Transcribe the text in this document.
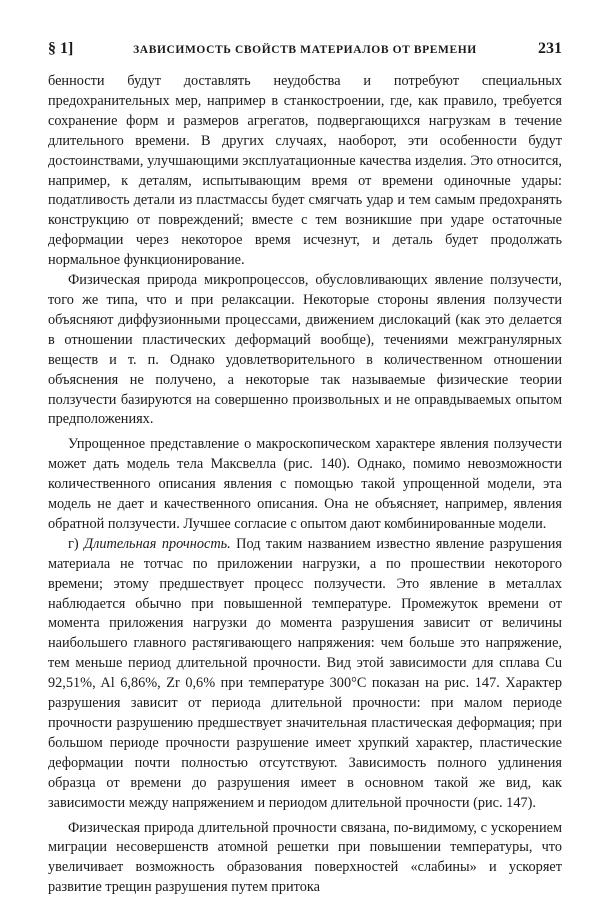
§ 1]	ЗАВИСИМОСТЬ СВОЙСТВ МАТЕРИАЛОВ ОТ ВРЕМЕНИ	231

бенности будут доставлять неудобства и потребуют специальных предохранительных мер, например в станкостроении, где, как правило, требуется сохранение форм и размеров агрегатов, подвергающихся нагрузкам в течение длительного времени. В других случаях, наоборот, эти особенности будут достоинствами, улучшающими эксплуатационные качества изделия. Это относится, например, к деталям, испытывающим время от времени одиночные удары: податливость детали из пластмассы будет смягчать удар и тем самым предохранять конструкцию от повреждений; вместе с тем возникшие при ударе остаточные деформации через некоторое время исчезнут, и деталь будет продолжать нормальное функционирование.

Физическая природа микропроцессов, обусловливающих явление ползучести, того же типа, что и при релаксации. Некоторые стороны явления ползучести объясняют диффузионными процессами, движением дислокаций (как это делается в отношении пластических деформаций вообще), течениями межгранулярных веществ и т. п. Однако удовлетворительного в количественном отношении объяснения не получено, а некоторые так называемые физические теории ползучести базируются на совершенно произвольных и не оправдываемых опытом предположениях.

Упрощенное представление о макроскопическом характере явления ползучести может дать модель тела Максвелла (рис. 140). Однако, помимо невозможности количественного описания явления с помощью такой упрощенной модели, эта модель не дает и качественного описания. Она не объясняет, например, явления обратной ползучести. Лучшее согласие с опытом дают комбинированные модели.

г) Длительная прочность. Под таким названием известно явление разрушения материала не тотчас по приложении нагрузки, а по прошествии некоторого времени; этому предшествует процесс ползучести. Это явление в металлах наблюдается обычно при повышенной температуре. Промежуток времени от момента приложения нагрузки до момента разрушения зависит от величины наибольшего главного растягивающего напряжения: чем больше это напряжение, тем меньше период длительной прочности. Вид этой зависимости для сплава Cu 92,51%, Al 6,86%, Zr 0,6% при температуре 300°С показан на рис. 147. Характер разрушения зависит от периода длительной прочности: при малом периоде прочности разрушению предшествует значительная пластическая деформация; при большом периоде прочности разрушение имеет хрупкий характер, пластические деформации почти полностью отсутствуют. Зависимость полного удлинения образца от времени до разрушения имеет в основном такой же вид, как зависимости между напряжением и периодом длительной прочности (рис. 147).

Физическая природа длительной прочности связана, по-видимому, с ускорением миграции несовершенств атомной решетки при повышении температуры, что увеличивает возможность образования поверхностей «слабины» и ускоряет развитие трещин разрушения путем притока
